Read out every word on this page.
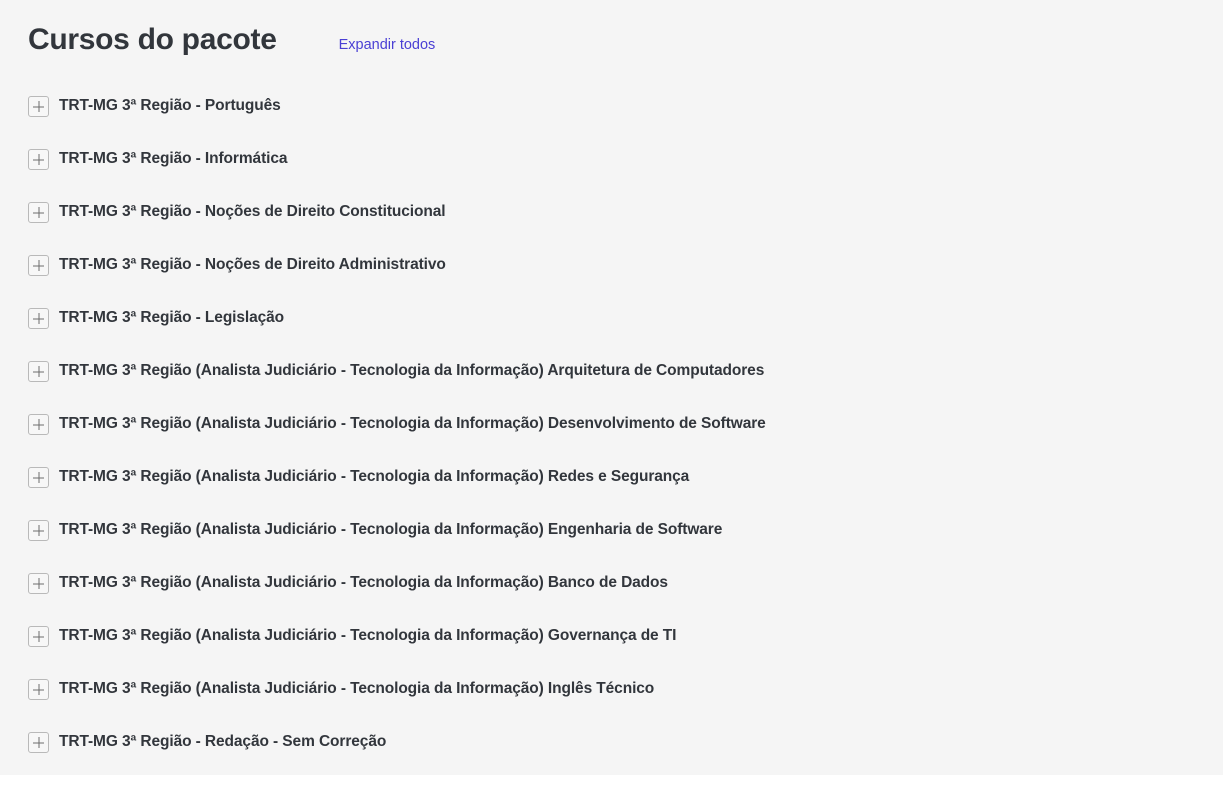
Cursos do pacote	Expandir todos
TRT-MG 3ª Região - Português
TRT-MG 3ª Região - Informática
TRT-MG 3ª Região - Noções de Direito Constitucional
TRT-MG 3ª Região - Noções de Direito Administrativo
TRT-MG 3ª Região - Legislação
TRT-MG 3ª Região (Analista Judiciário - Tecnologia da Informação) Arquitetura de Computadores
TRT-MG 3ª Região (Analista Judiciário - Tecnologia da Informação) Desenvolvimento de Software
TRT-MG 3ª Região (Analista Judiciário - Tecnologia da Informação) Redes e Segurança
TRT-MG 3ª Região (Analista Judiciário - Tecnologia da Informação) Engenharia de Software
TRT-MG 3ª Região (Analista Judiciário - Tecnologia da Informação) Banco de Dados
TRT-MG 3ª Região (Analista Judiciário - Tecnologia da Informação) Governança de TI
TRT-MG 3ª Região (Analista Judiciário - Tecnologia da Informação) Inglês Técnico
TRT-MG 3ª Região - Redação - Sem Correção
